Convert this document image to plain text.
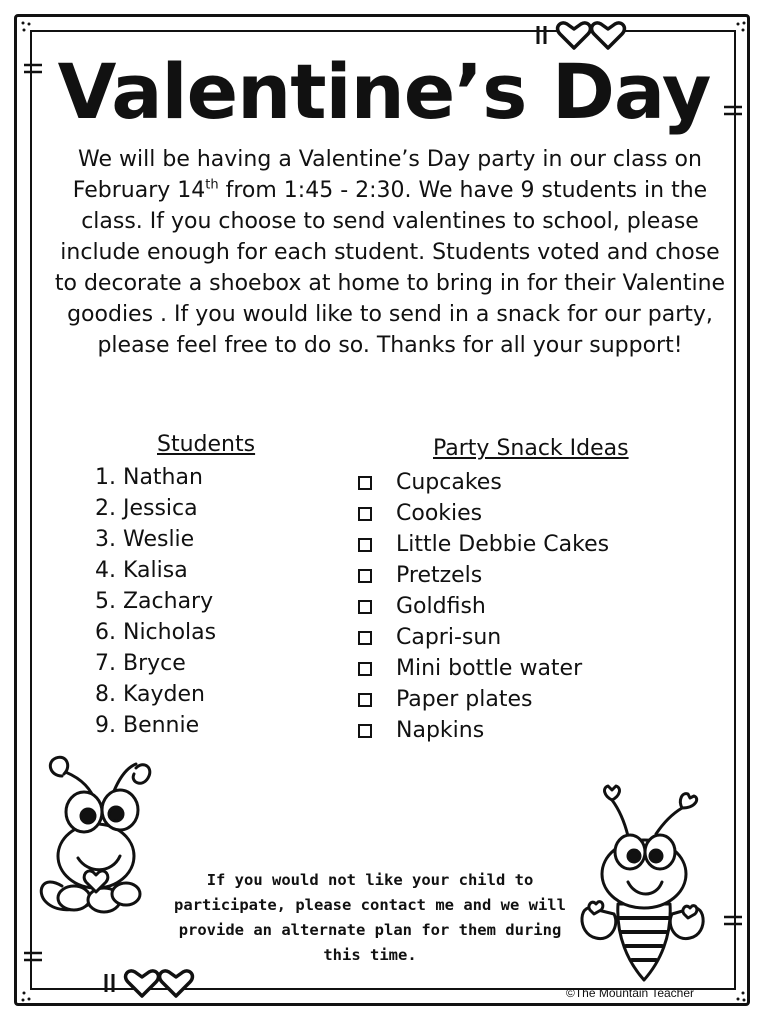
Valentine’s Day

We will be having a Valentine’s Day party in our class on February 14th from 1:45 - 2:30. We have 9 students in the class. If you choose to send valentines to school, please include enough for each student. Students voted and chose to decorate a shoebox at home to bring in for their Valentine goodies . If you would like to send in a snack for our party, please feel free to do so. Thanks for all your support!

Students
1. Nathan
2. Jessica
3. Weslie
4. Kalisa
5. Zachary
6. Nicholas
7. Bryce
8. Kayden
9. Bennie
Party Snack Ideas
Cupcakes
Cookies
Little Debbie Cakes
Pretzels
Goldfish
Capri-sun
Mini bottle water
Paper plates
Napkins

If you would not like your child to participate, please contact me and we will provide an alternate plan for them during this time.

©The Mountain Teacher
